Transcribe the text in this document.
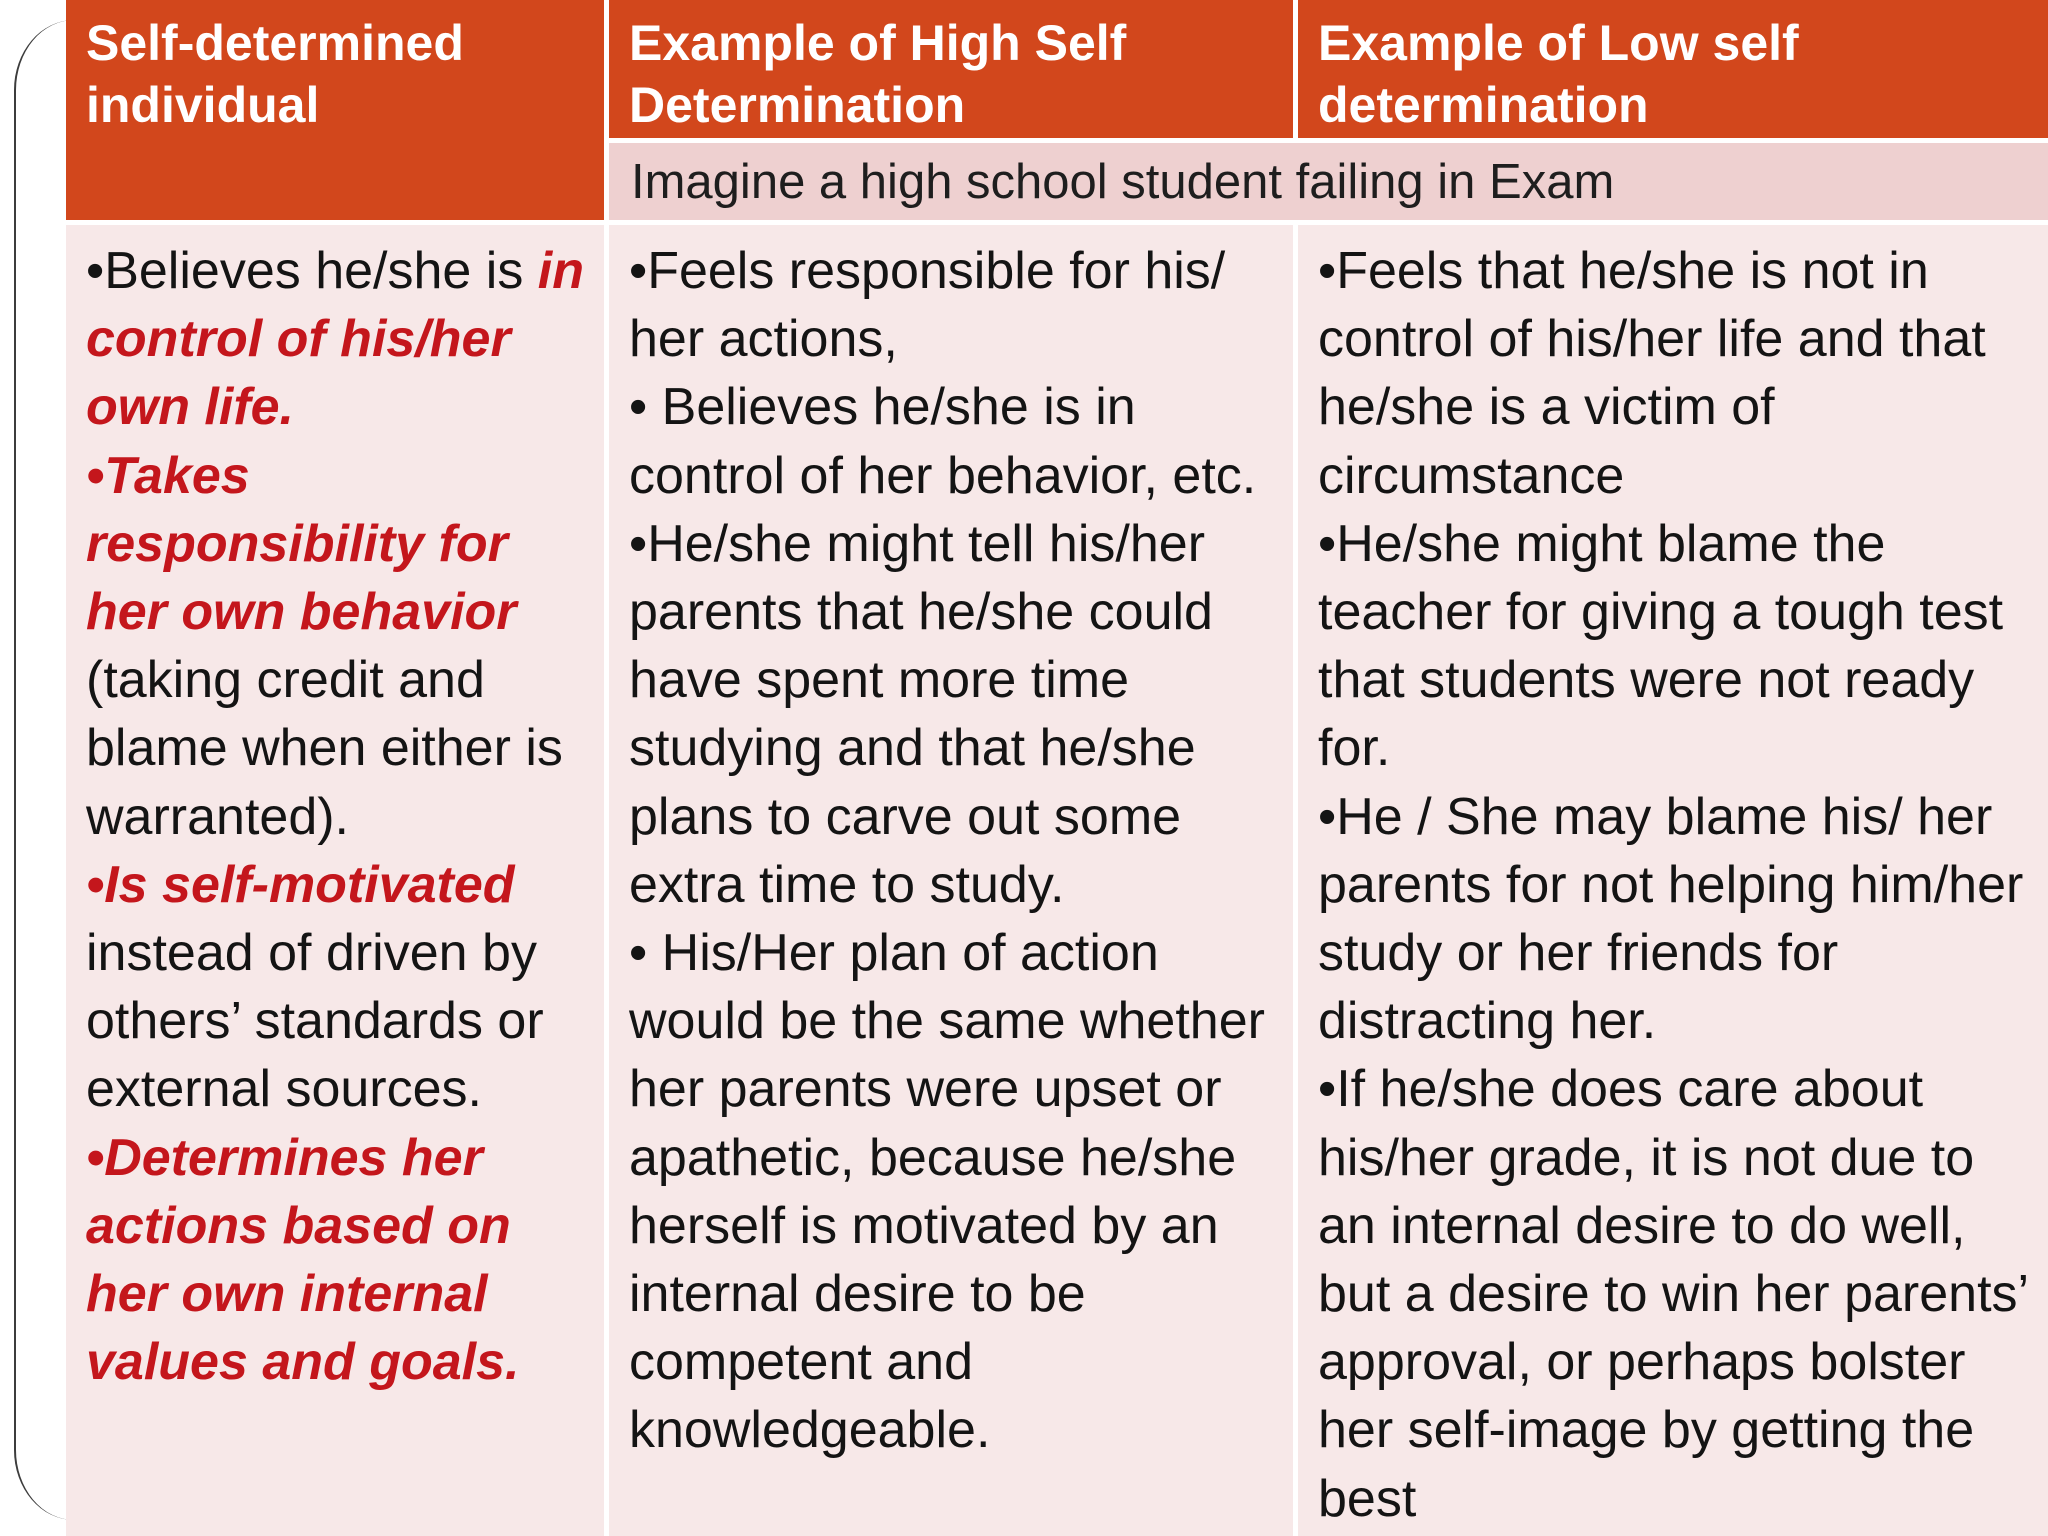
Self-determined individual
Example of High Self Determination
Example of Low self determination
Imagine a high school student failing in Exam

•Believes he/she is in control of his/her own life.

•Takes responsibility for her own behavior (taking credit and blame when either is warranted).

•Is self-motivated instead of driven by others’ standards or external sources.

•Determines her actions based on her own internal values and goals.

•Feels responsible for his/ her actions,

• Believes he/she is in control of her behavior, etc.

•He/she might tell his/her parents that he/she could have spent more time studying and that he/she plans to carve out some extra time to study.

• His/Her plan of action would be the same whether her parents were upset or apathetic, because he/she herself is motivated by an internal desire to be competent and knowledgeable.

•Feels that he/she is not in control of his/her life and that he/she is a victim of circumstance

•He/she might blame the teacher for giving a tough test that students were not ready for.

•He / She may blame his/ her parents for not helping him/her study or her friends for distracting her.

•If he/she does care about his/her grade, it is not due to an internal desire to do well, but a desire to win her parents’ approval, or perhaps bolster her self-image by getting the best
